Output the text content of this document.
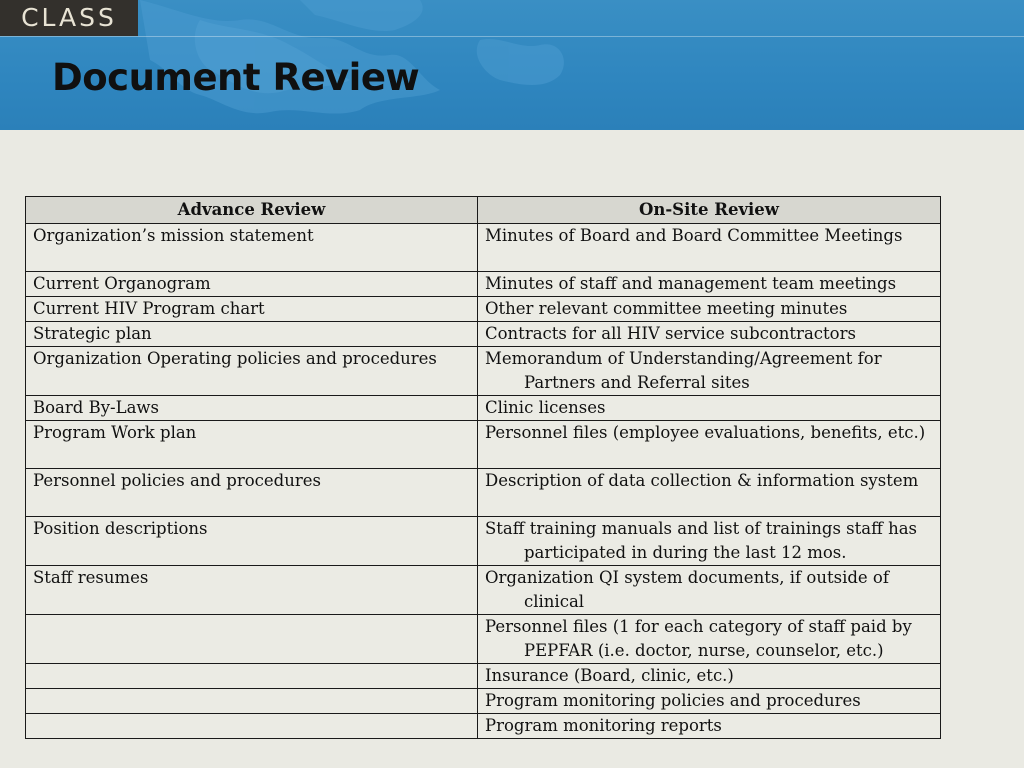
CLASS
Document Review
Advance Review	On-Site Review

Organization’s mission statement	Minutes of Board and Board Committee Meetings

Current Organogram	Minutes of staff and management team meetings

Current HIV Program chart	Other relevant committee meeting minutes

Strategic plan	Contracts for all HIV service subcontractors

Organization Operating policies and procedures	Memorandum of Understanding/Agreement for Partners and Referral sites

Board By-Laws	Clinic licenses

Program Work plan	Personnel files (employee evaluations, benefits, etc.)

Personnel policies and procedures	Description of data collection & information system

Position descriptions	Staff training manuals and list of trainings staff has participated in during the last 12 mos.

Staff resumes	Organization QI system documents, if outside of clinical

	Personnel files (1 for each category of staff paid by PEPFAR (i.e. doctor, nurse, counselor, etc.)

	Insurance (Board, clinic, etc.)

	Program monitoring policies and procedures

	Program monitoring reports
